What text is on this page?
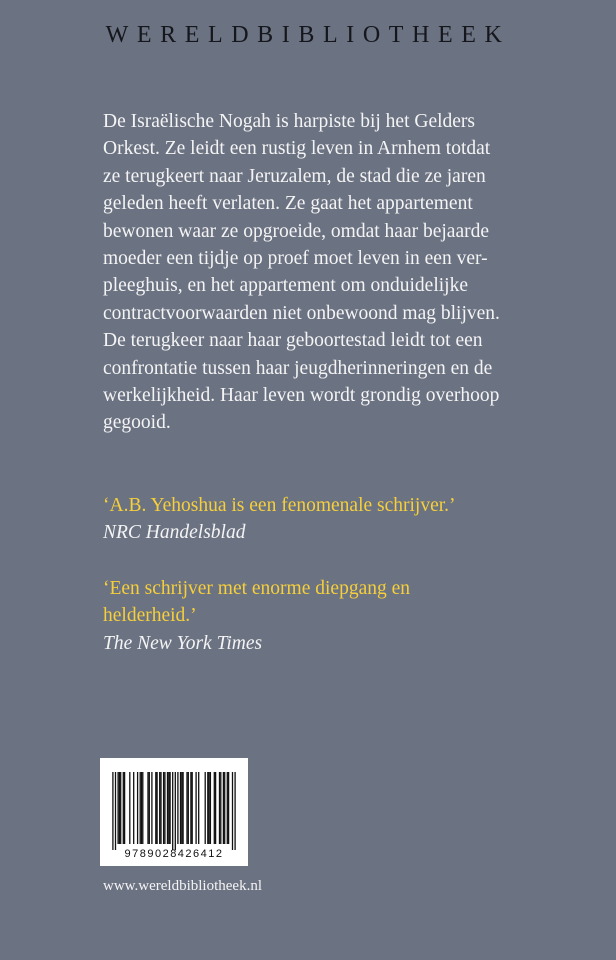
WERELDBIBLIOTHEEK
De Israëlische Nogah is harpiste bij het Gelders
Orkest. Ze leidt een rustig leven in Arnhem totdat
ze terugkeert naar Jeruzalem, de stad die ze jaren
geleden heeft verlaten. Ze gaat het appartement
bewonen waar ze opgroeide, omdat haar bejaarde
moeder een tijdje op proef moet leven in een ver-
pleeghuis, en het appartement om onduidelijke
contractvoorwaarden niet onbewoond mag blijven.
De terugkeer naar haar geboortestad leidt tot een
confrontatie tussen haar jeugdherinneringen en de
werkelijkheid. Haar leven wordt grondig overhoop
gegooid.
‘A.B. Yehoshua is een fenomenale schrijver.’
NRC Handelsblad
‘Een schrijver met enorme diepgang en
helderheid.’
The New York Times
9789028426412
www.wereldbibliotheek.nl
